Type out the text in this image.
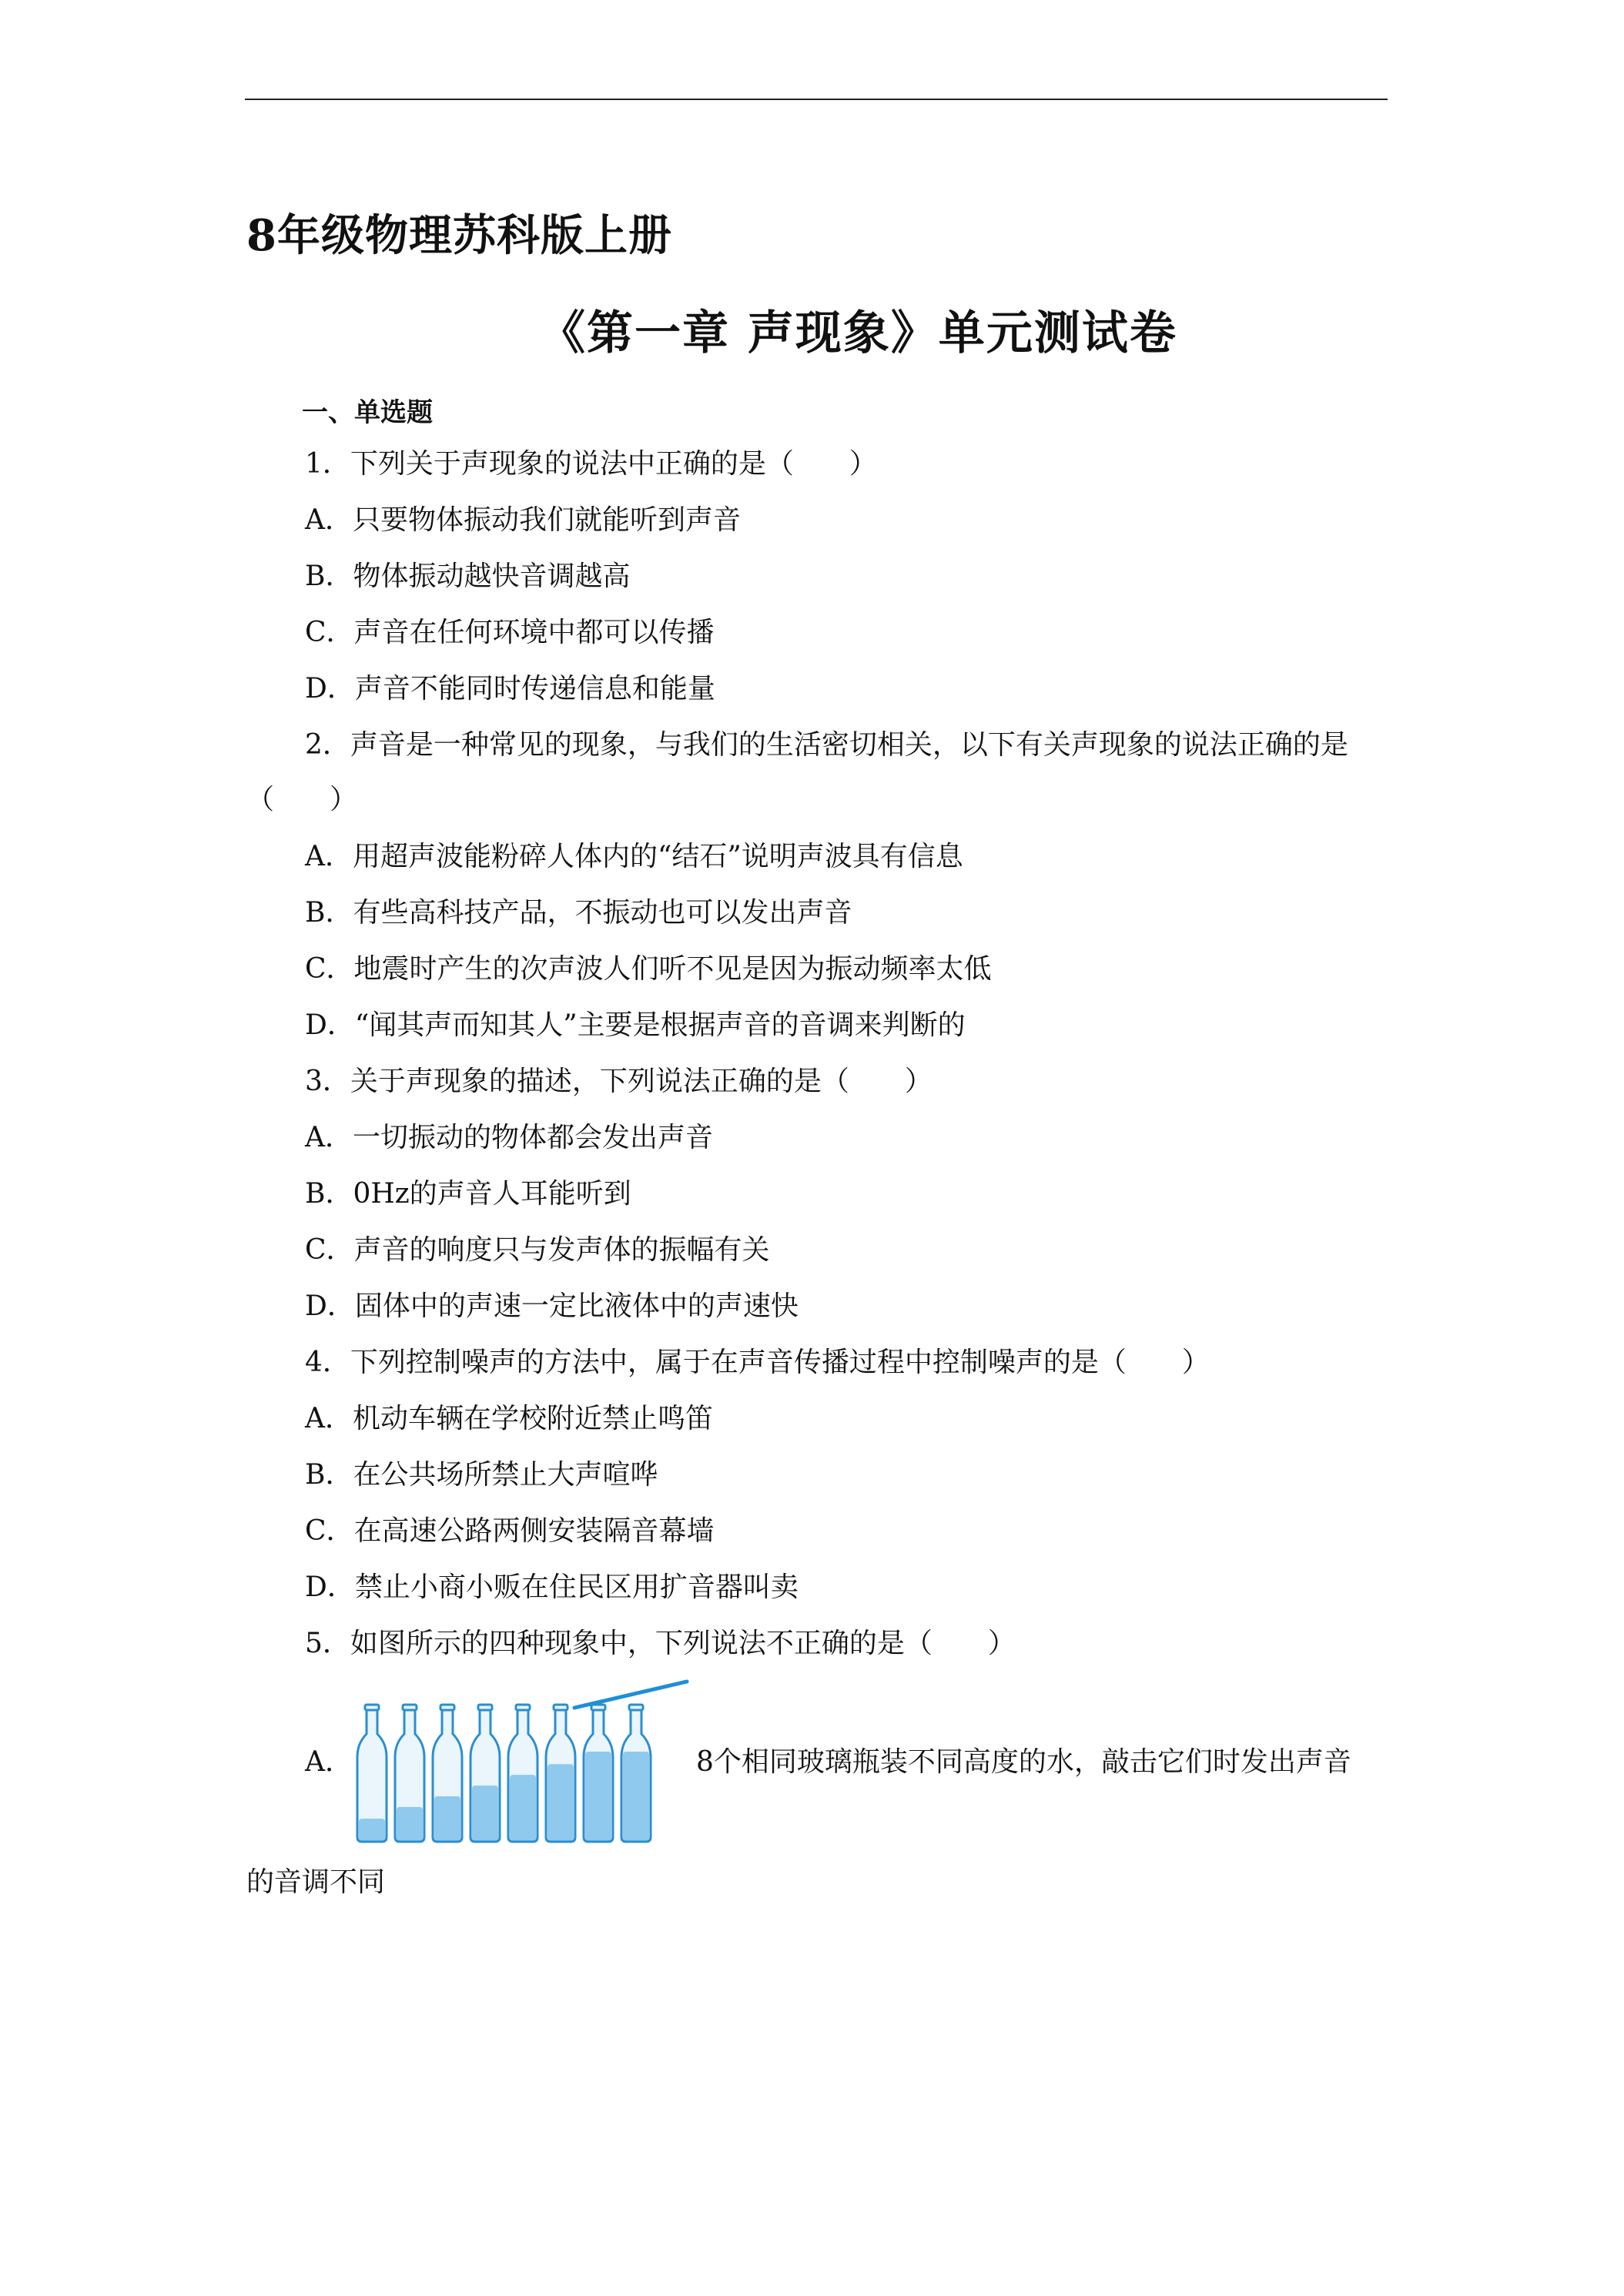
8年级物理苏科版上册
《第一章 声现象》单元测试卷
一、单选题
1．下列关于声现象的说法中正确的是（　　）
A．只要物体振动我们就能听到声音
B．物体振动越快音调越高
C．声音在任何环境中都可以传播
D．声音不能同时传递信息和能量
2．声音是一种常见的现象，与我们的生活密切相关，以下有关声现象的说法正确的是
（　　）
A．用超声波能粉碎人体内的“结石”说明声波具有信息
B．有些高科技产品，不振动也可以发出声音
C．地震时产生的次声波人们听不见是因为振动频率太低
D．“闻其声而知其人”主要是根据声音的音调来判断的
3．关于声现象的描述，下列说法正确的是（　　）
A．一切振动的物体都会发出声音
B．0Hz的声音人耳能听到
C．声音的响度只与发声体的振幅有关
D．固体中的声速一定比液体中的声速快
4．下列控制噪声的方法中，属于在声音传播过程中控制噪声的是（　　）
A．机动车辆在学校附近禁止鸣笛
B．在公共场所禁止大声喧哗
C．在高速公路两侧安装隔音幕墙
D．禁止小商小贩在住民区用扩音器叫卖
5．如图所示的四种现象中，下列说法不正确的是（　　）
A．	8个相同玻璃瓶装不同高度的水，敲击它们时发出声音
的音调不同
